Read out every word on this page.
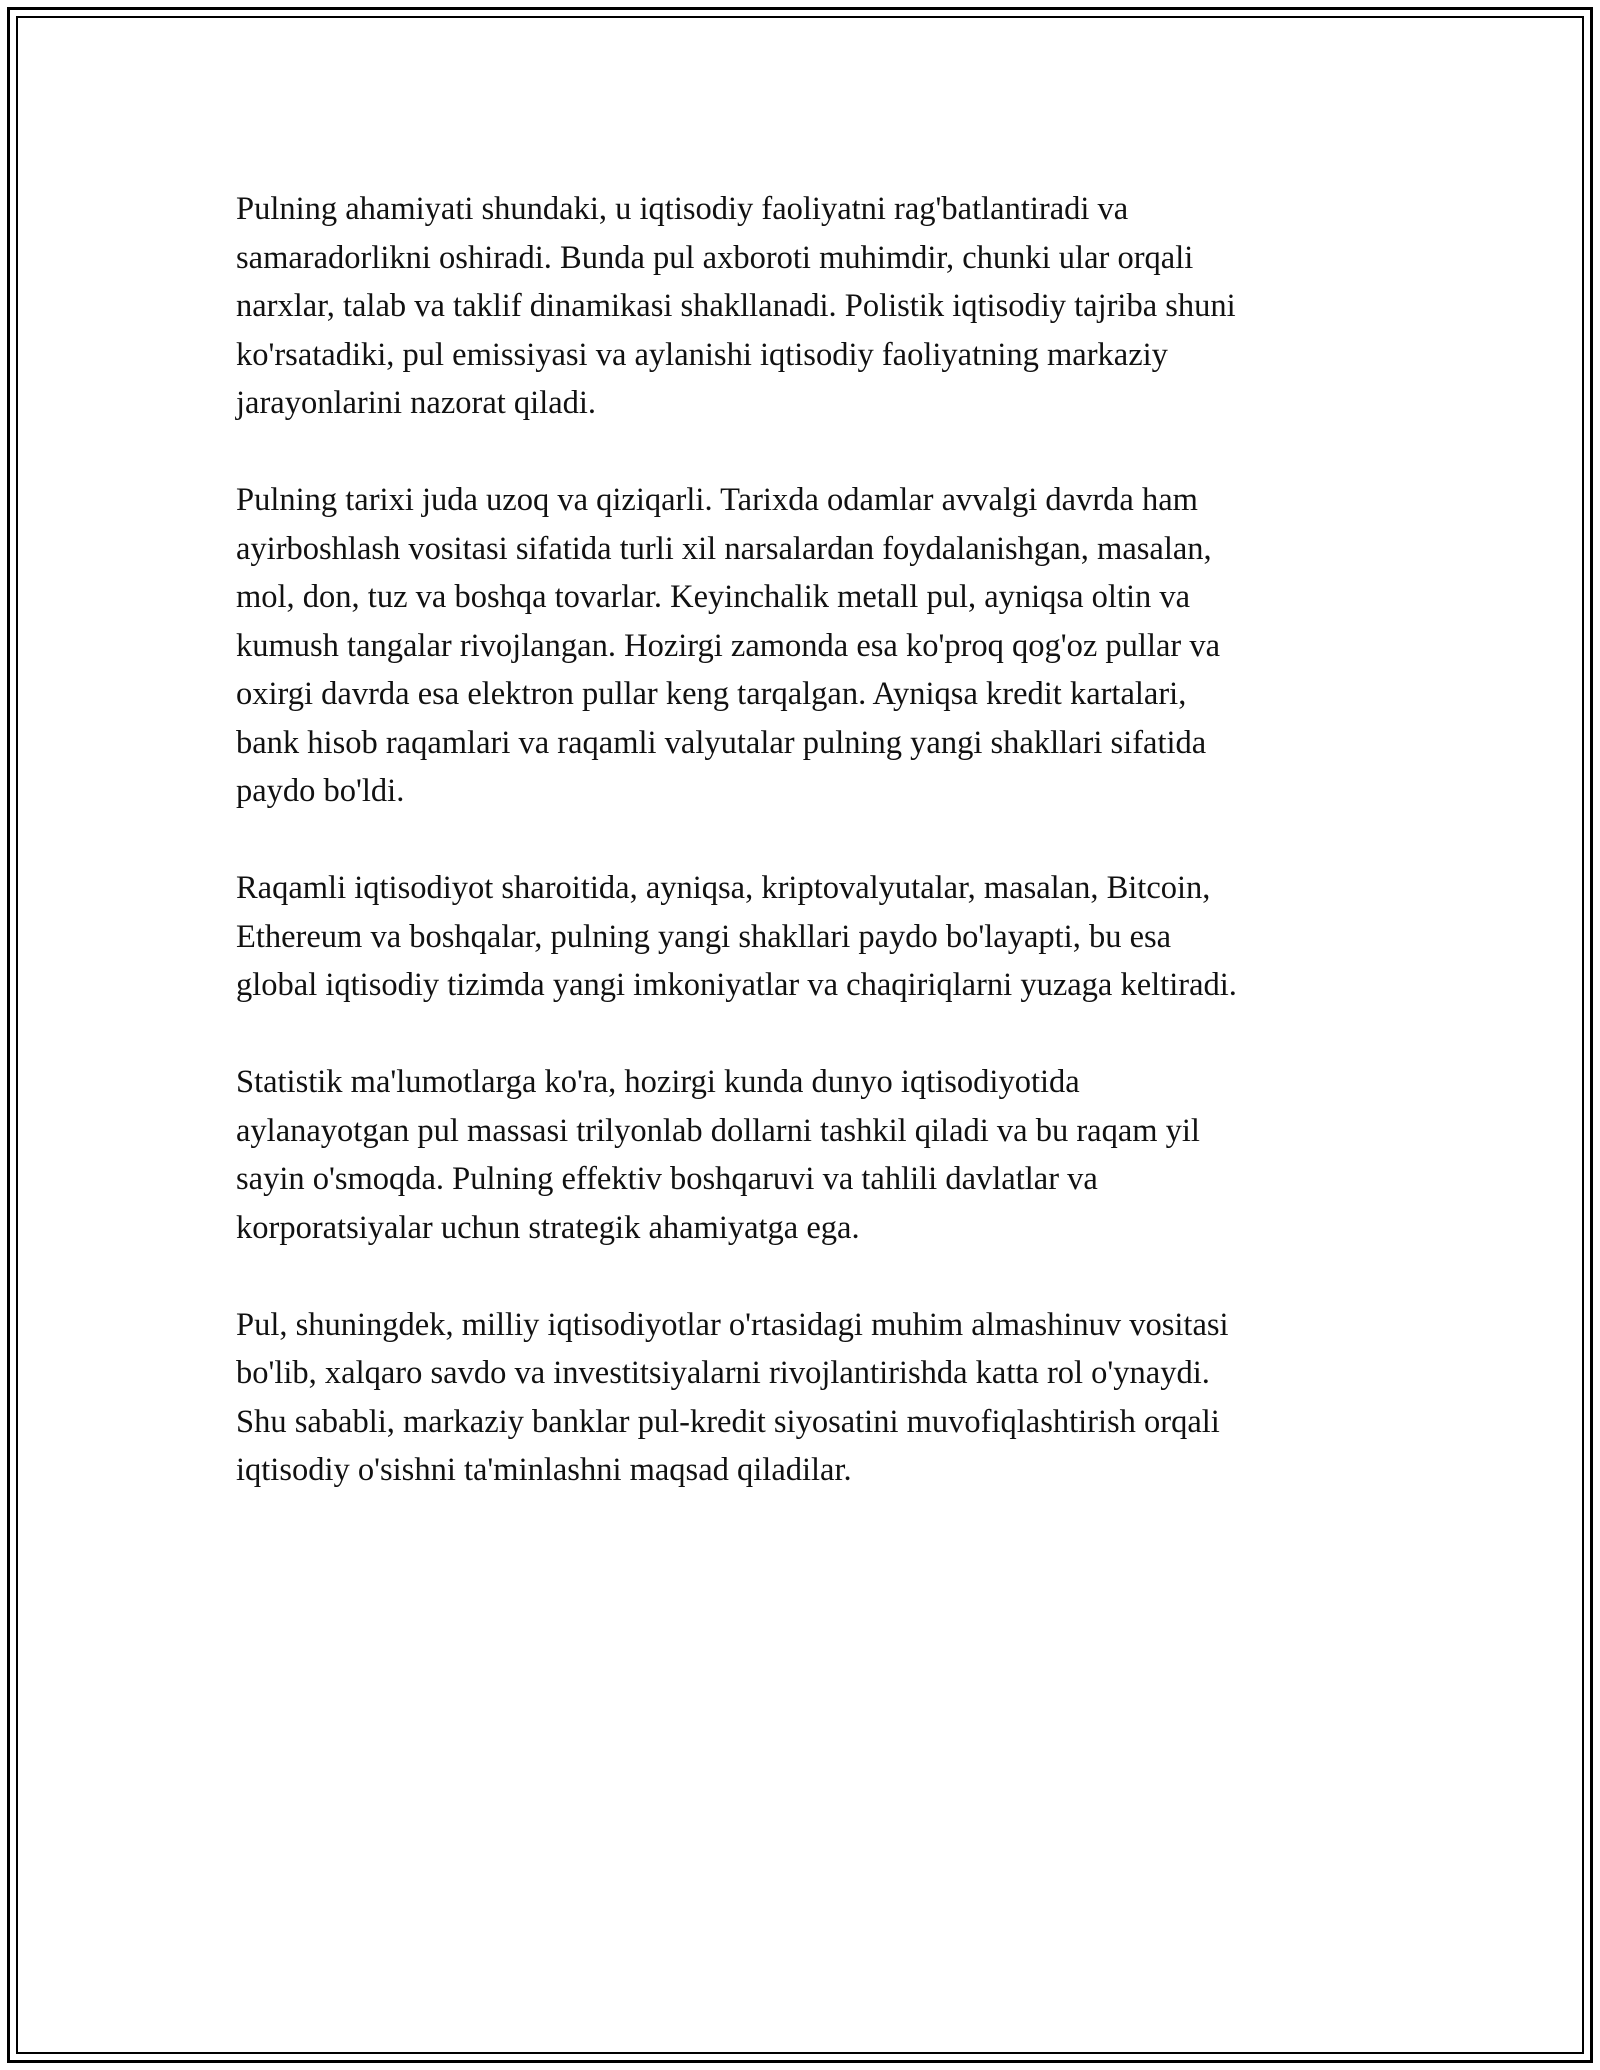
Pulning ahamiyati shundaki, u iqtisodiy faoliyatni rag'batlantiradi va
samaradorlikni oshiradi. Bunda pul axboroti muhimdir, chunki ular orqali
narxlar, talab va taklif dinamikasi shakllanadi. Polistik iqtisodiy tajriba shuni
ko'rsatadiki, pul emissiyasi va aylanishi iqtisodiy faoliyatning markaziy
jarayonlarini nazorat qiladi.

Pulning tarixi juda uzoq va qiziqarli. Tarixda odamlar avvalgi davrda ham
ayirboshlash vositasi sifatida turli xil narsalardan foydalanishgan, masalan,
mol, don, tuz va boshqa tovarlar. Keyinchalik metall pul, ayniqsa oltin va
kumush tangalar rivojlangan. Hozirgi zamonda esa ko'proq qog'oz pullar va
oxirgi davrda esa elektron pullar keng tarqalgan. Ayniqsa kredit kartalari,
bank hisob raqamlari va raqamli valyutalar pulning yangi shakllari sifatida
paydo bo'ldi.

Raqamli iqtisodiyot sharoitida, ayniqsa, kriptovalyutalar, masalan, Bitcoin,
Ethereum va boshqalar, pulning yangi shakllari paydo bo'layapti, bu esa
global iqtisodiy tizimda yangi imkoniyatlar va chaqiriqlarni yuzaga keltiradi.

Statistik ma'lumotlarga ko'ra, hozirgi kunda dunyo iqtisodiyotida
aylanayotgan pul massasi trilyonlab dollarni tashkil qiladi va bu raqam yil
sayin o'smoqda. Pulning effektiv boshqaruvi va tahlili davlatlar va
korporatsiyalar uchun strategik ahamiyatga ega.

Pul, shuningdek, milliy iqtisodiyotlar o'rtasidagi muhim almashinuv vositasi
bo'lib, xalqaro savdo va investitsiyalarni rivojlantirishda katta rol o'ynaydi.
Shu sababli, markaziy banklar pul-kredit siyosatini muvofiqlashtirish orqali
iqtisodiy o'sishni ta'minlashni maqsad qiladilar.
